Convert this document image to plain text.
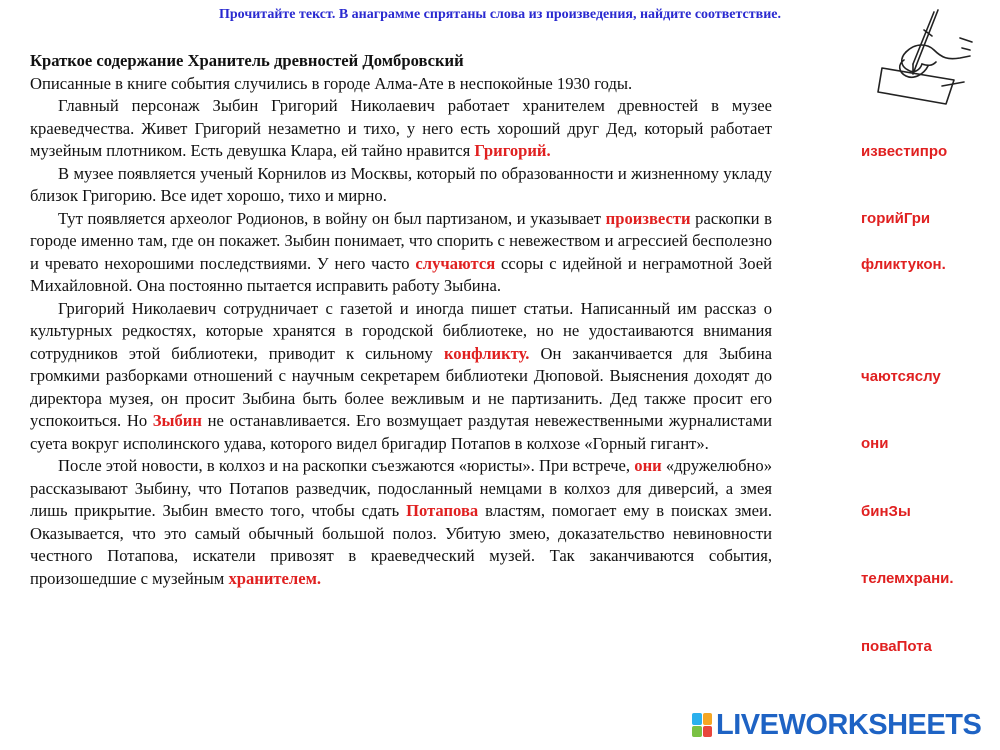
Прочитайте текст. В анаграмме спрятаны слова из произведения, найдите соответствие.
Краткое содержание Хранитель древностей Домбровский

Описанные в книге события случились в городе Алма-Ате в неспокойные 1930 годы.

Главный персонаж Зыбин Григорий Николаевич работает хранителем древностей в музее краеведчества. Живет Григорий незаметно и тихо, у него есть хороший друг Дед, который работает музейным плотником. Есть девушка Клара, ей тайно нравится Григорий.

В музее появляется ученый Корнилов из Москвы, который по образованности и жизненному укладу близок Григорию. Все идет хорошо, тихо и мирно.

Тут появляется археолог Родионов, в войну он был партизаном, и указывает произвести раскопки в городе именно там, где он покажет. Зыбин понимает, что спорить с невежеством и агрессией бесполезно и чревато нехорошими последствиями. У него часто случаются ссоры с идейной и неграмотной Зоей Михайловной. Она постоянно пытается исправить работу Зыбина.

Григорий Николаевич сотрудничает с газетой и иногда пишет статьи. Написанный им рассказ о культурных редкостях, которые хранятся в городской библиотеке, но не удостаиваются внимания сотрудников этой библиотеки, приводит к сильному конфликту. Он заканчивается для Зыбина громкими разборками отношений с научным секретарем библиотеки Дюповой. Выяснения доходят до директора музея, он просит Зыбина быть более вежливым и не партизанить. Дед также просит его успокоиться. Но Зыбин не останавливается. Его возмущает раздутая невежественными журналистами суета вокруг исполинского удава, которого видел бригадир Потапов в колхозе «Горный гигант».

После этой новости, в колхоз и на раскопки съезжаются «юристы». При встрече, они «дружелюбно» рассказывают Зыбину, что Потапов разведчик, подосланный немцами в колхоз для диверсий, а змея лишь прикрытие. Зыбин вместо того, чтобы сдать Потапова властям, помогает ему в поисках змеи. Оказывается, что это самый обычный большой полоз. Убитую змею, доказательство невиновности честного Потапова, искатели привозят в краеведческий музей. Так заканчиваются события, произошедшие с музейным хранителем.

известипро
горийГри
фликтукон.
чаютсяслу
они
бинЗы
телемхрани.
поваПота
LIVEWORKSHEETS
